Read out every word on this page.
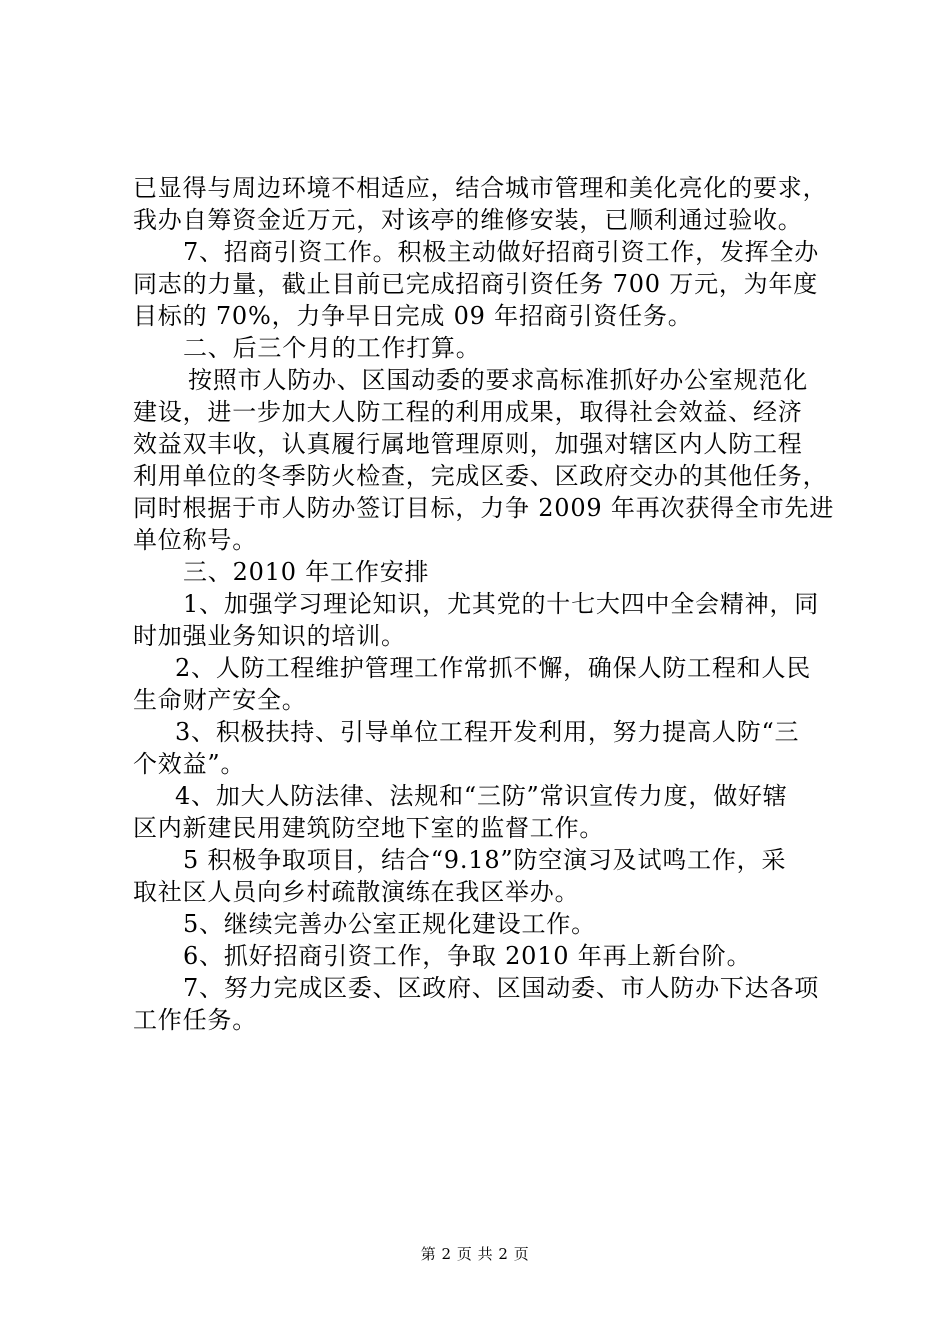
已显得与周边环境不相适应，结合城市管理和美化亮化的要求，
我办自筹资金近万元，对该亭的维修安装，已顺利通过验收。
7、招商引资工作。积极主动做好招商引资工作，发挥全办
同志的力量，截止目前已完成招商引资任务 700 万元，为年度
目标的 70%，力争早日完成 09 年招商引资任务。
二、后三个月的工作打算。
按照市人防办、区国动委的要求高标准抓好办公室规范化
建设，进一步加大人防工程的利用成果，取得社会效益、经济
效益双丰收，认真履行属地管理原则，加强对辖区内人防工程
利用单位的冬季防火检查，完成区委、区政府交办的其他任务，
同时根据于市人防办签订目标，力争 2009 年再次获得全市先进
单位称号。
三、2010 年工作安排
1、加强学习理论知识，尤其党的十七大四中全会精神，同
时加强业务知识的培训。
2、人防工程维护管理工作常抓不懈，确保人防工程和人民
生命财产安全。
3、积极扶持、引导单位工程开发利用，努力提高人防“三
个效益”。
4、加大人防法律、法规和“三防”常识宣传力度，做好辖
区内新建民用建筑防空地下室的监督工作。
5 积极争取项目，结合“9.18”防空演习及试鸣工作，采
取社区人员向乡村疏散演练在我区举办。
5、继续完善办公室正规化建设工作。
6、抓好招商引资工作，争取 2010 年再上新台阶。
7、努力完成区委、区政府、区国动委、市人防办下达各项
工作任务。
第 2 页 共 2 页
